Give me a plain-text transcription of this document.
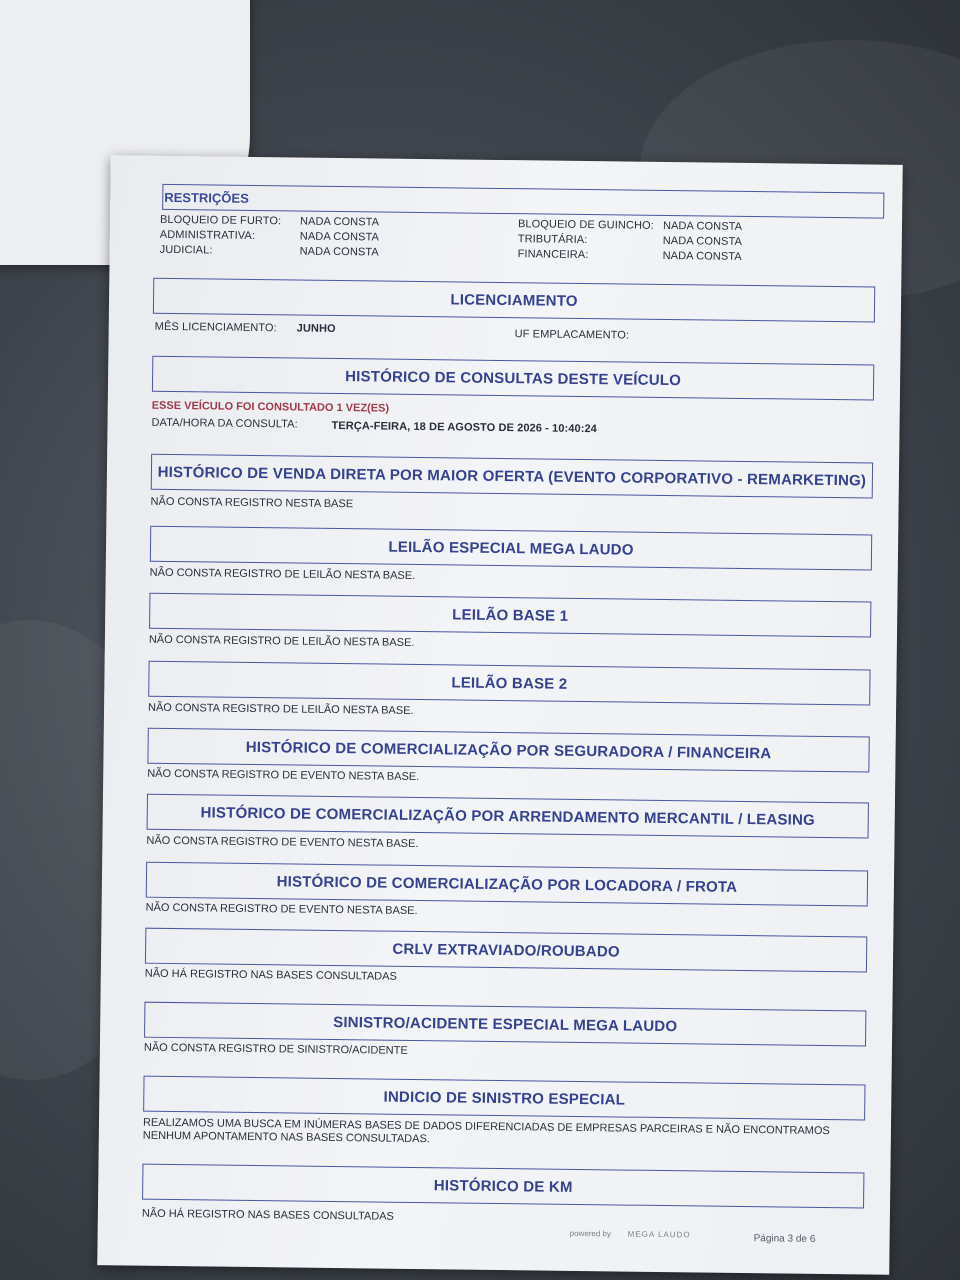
RESTRIÇÕES
BLOQUEIO DE FURTO: NADA CONSTA
ADMINISTRATIVA:	NADA CONSTA
JUDICIAL:	NADA CONSTA
BLOQUEIO DE GUINCHO: NADA CONSTA
TRIBUTÁRIA:	NADA CONSTA
FINANCEIRA:	NADA CONSTA
LICENCIAMENTO
MÊS LICENCIAMENTO: JUNHO	UF EMPLACAMENTO:
HISTÓRICO DE CONSULTAS DESTE VEÍCULO
ESSE VEÍCULO FOI CONSULTADO 1 VEZ(ES)
DATA/HORA DA CONSULTA:	TERÇA-FEIRA, 18 DE AGOSTO DE 2026 - 10:40:24
HISTÓRICO DE VENDA DIRETA POR MAIOR OFERTA (EVENTO CORPORATIVO - REMARKETING)
NÃO CONSTA REGISTRO NESTA BASE
LEILÃO ESPECIAL MEGA LAUDO
NÃO CONSTA REGISTRO DE LEILÃO NESTA BASE.
LEILÃO BASE 1
NÃO CONSTA REGISTRO DE LEILÃO NESTA BASE.
LEILÃO BASE 2
NÃO CONSTA REGISTRO DE LEILÃO NESTA BASE.
HISTÓRICO DE COMERCIALIZAÇÃO POR SEGURADORA / FINANCEIRA
NÃO CONSTA REGISTRO DE EVENTO NESTA BASE.
HISTÓRICO DE COMERCIALIZAÇÃO POR ARRENDAMENTO MERCANTIL / LEASING
NÃO CONSTA REGISTRO DE EVENTO NESTA BASE.
HISTÓRICO DE COMERCIALIZAÇÃO POR LOCADORA / FROTA
NÃO CONSTA REGISTRO DE EVENTO NESTA BASE.
CRLV EXTRAVIADO/ROUBADO
NÃO HÁ REGISTRO NAS BASES CONSULTADAS
SINISTRO/ACIDENTE ESPECIAL MEGA LAUDO
NÃO CONSTA REGISTRO DE SINISTRO/ACIDENTE
INDICIO DE SINISTRO ESPECIAL
REALIZAMOS UMA BUSCA EM INÚMERAS BASES DE DADOS DIFERENCIADAS DE EMPRESAS PARCEIRAS E NÃO ENCONTRAMOS NENHUM APONTAMENTO NAS BASES CONSULTADAS.
HISTÓRICO DE KM
NÃO HÁ REGISTRO NAS BASES CONSULTADAS
powered by MEGA LAUDO	Página 3 de 6
